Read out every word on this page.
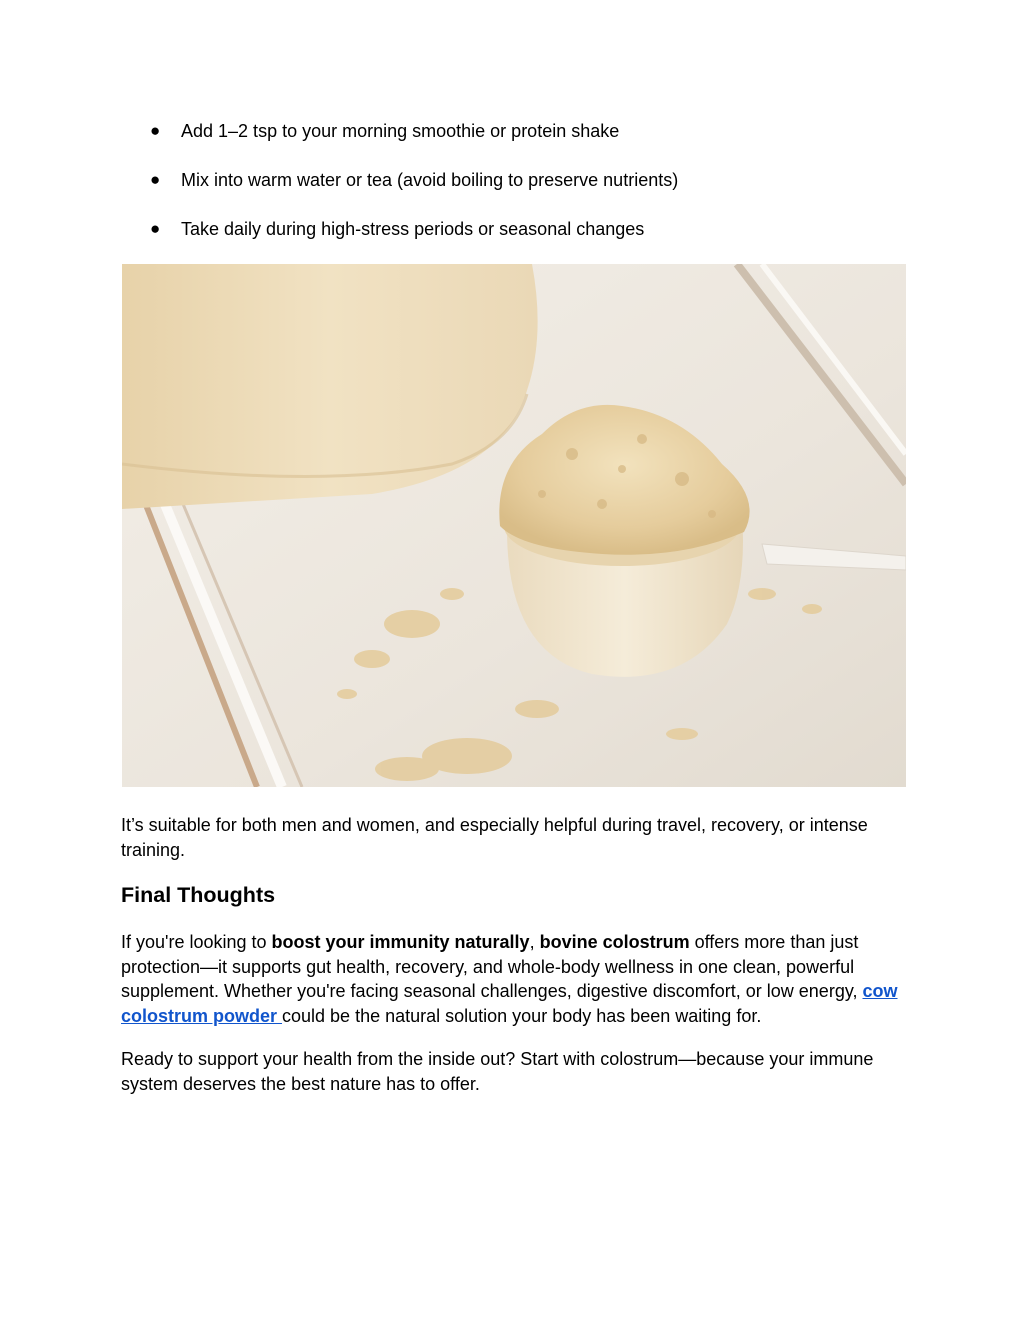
● Add 1–2 tsp to your morning smoothie or protein shake
● Mix into warm water or tea (avoid boiling to preserve nutrients)
● Take daily during high-stress periods or seasonal changes

It’s suitable for both men and women, and especially helpful during travel, recovery, or intense training.

Final Thoughts

If you're looking to boost your immunity naturally, bovine colostrum offers more than just protection—it supports gut health, recovery, and whole-body wellness in one clean, powerful supplement. Whether you're facing seasonal challenges, digestive discomfort, or low energy, cow colostrum powder could be the natural solution your body has been waiting for.

Ready to support your health from the inside out? Start with colostrum—because your immune system deserves the best nature has to offer.
